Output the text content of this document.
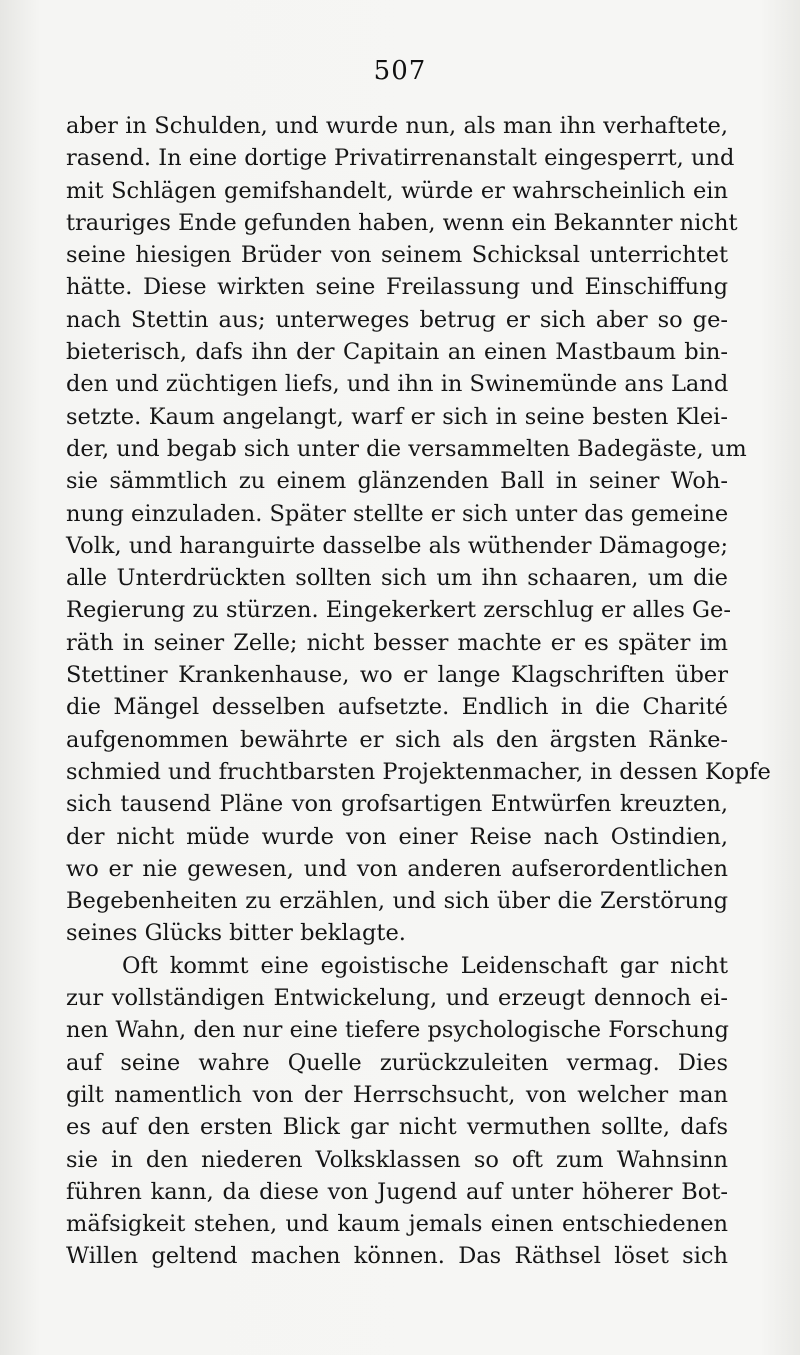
507
aber in Schulden, und wurde nun, als man ihn verhaftete,
rasend. In eine dortige Privatirrenanstalt eingesperrt, und
mit Schlägen gemifshandelt, würde er wahrscheinlich ein
trauriges Ende gefunden haben, wenn ein Bekannter nicht
seine hiesigen Brüder von seinem Schicksal unterrichtet
hätte. Diese wirkten seine Freilassung und Einschiffung
nach Stettin aus; unterweges betrug er sich aber so ge-
bieterisch, dafs ihn der Capitain an einen Mastbaum bin-
den und züchtigen liefs, und ihn in Swinemünde ans Land
setzte. Kaum angelangt, warf er sich in seine besten Klei-
der, und begab sich unter die versammelten Badegäste, um
sie sämmtlich zu einem glänzenden Ball in seiner Woh-
nung einzuladen. Später stellte er sich unter das gemeine
Volk, und haranguirte dasselbe als wüthender Dämagoge;
alle Unterdrückten sollten sich um ihn schaaren, um die
Regierung zu stürzen. Eingekerkert zerschlug er alles Ge-
räth in seiner Zelle; nicht besser machte er es später im
Stettiner Krankenhause, wo er lange Klagschriften über
die Mängel desselben aufsetzte. Endlich in die Charité
aufgenommen bewährte er sich als den ärgsten Ränke-
schmied und fruchtbarsten Projektenmacher, in dessen Kopfe
sich tausend Pläne von grofsartigen Entwürfen kreuzten,
der nicht müde wurde von einer Reise nach Ostindien,
wo er nie gewesen, und von anderen aufserordentlichen
Begebenheiten zu erzählen, und sich über die Zerstörung
seines Glücks bitter beklagte.
Oft kommt eine egoistische Leidenschaft gar nicht
zur vollständigen Entwickelung, und erzeugt dennoch ei-
nen Wahn, den nur eine tiefere psychologische Forschung
auf seine wahre Quelle zurückzuleiten vermag. Dies
gilt namentlich von der Herrschsucht, von welcher man
es auf den ersten Blick gar nicht vermuthen sollte, dafs
sie in den niederen Volksklassen so oft zum Wahnsinn
führen kann, da diese von Jugend auf unter höherer Bot-
mäfsigkeit stehen, und kaum jemals einen entschiedenen
Willen geltend machen können. Das Räthsel löset sich
